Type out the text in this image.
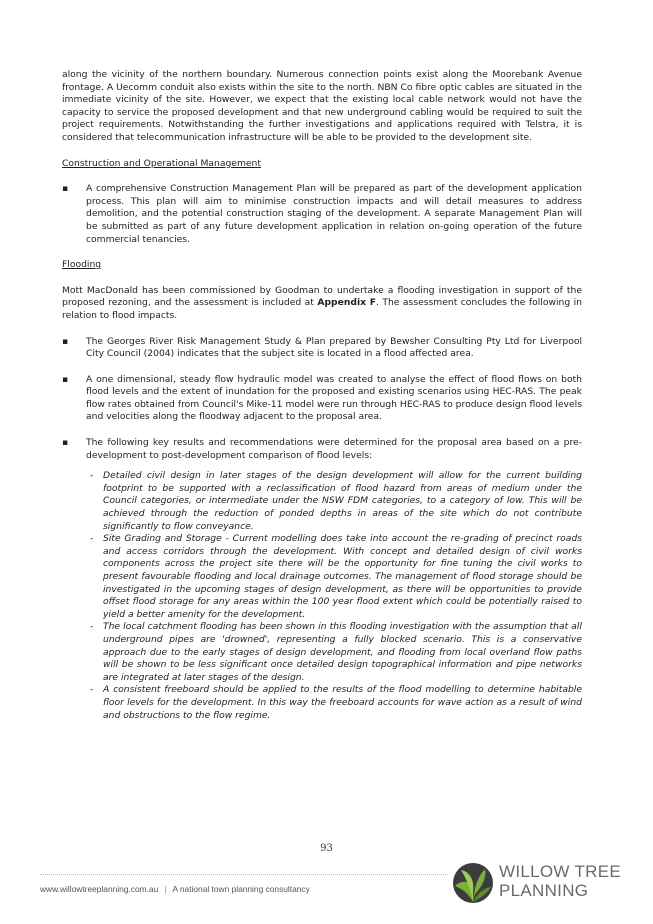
along the vicinity of the northern boundary. Numerous connection points exist along the Moorebank Avenue frontage. A Uecomm conduit also exists within the site to the north. NBN Co fibre optic cables are situated in the immediate vicinity of the site. However, we expect that the existing local cable network would not have the capacity to service the proposed development and that new underground cabling would be required to suit the project requirements. Notwithstanding the further investigations and applications required with Telstra, it is considered that telecommunication infrastructure will be able to be provided to the development site.

Construction and Operational Management

▪ A comprehensive Construction Management Plan will be prepared as part of the development application process. This plan will aim to minimise construction impacts and will detail measures to address demolition, and the potential construction staging of the development. A separate Management Plan will be submitted as part of any future development application in relation on-going operation of the future commercial tenancies.

Flooding

Mott MacDonald has been commissioned by Goodman to undertake a flooding investigation in support of the proposed rezoning, and the assessment is included at Appendix F. The assessment concludes the following in relation to flood impacts.

▪ The Georges River Risk Management Study & Plan prepared by Bewsher Consulting Pty Ltd for Liverpool City Council (2004) indicates that the subject site is located in a flood affected area.

▪ A one dimensional, steady flow hydraulic model was created to analyse the effect of flood flows on both flood levels and the extent of inundation for the proposed and existing scenarios using HEC-RAS. The peak flow rates obtained from Council's Mike-11 model were run through HEC-RAS to produce design flood levels and velocities along the floodway adjacent to the proposal area.

▪ The following key results and recommendations were determined for the proposal area based on a pre-development to post-development comparison of flood levels:

- Detailed civil design in later stages of the design development will allow for the current building footprint to be supported with a reclassification of flood hazard from areas of medium under the Council categories, or intermediate under the NSW FDM categories, to a category of low. This will be achieved through the reduction of ponded depths in areas of the site which do not contribute significantly to flow conveyance.

- Site Grading and Storage - Current modelling does take into account the re-grading of precinct roads and access corridors through the development. With concept and detailed design of civil works components across the project site there will be the opportunity for fine tuning the civil works to present favourable flooding and local drainage outcomes. The management of flood storage should be investigated in the upcoming stages of design development, as there will be opportunities to provide offset flood storage for any areas within the 100 year flood extent which could be potentially raised to yield a better amenity for the development.

- The local catchment flooding has been shown in this flooding investigation with the assumption that all underground pipes are 'drowned', representing a fully blocked scenario. This is a conservative approach due to the early stages of design development, and flooding from local overland flow paths will be shown to be less significant once detailed design topographical information and pipe networks are integrated at later stages of the design.

- A consistent freeboard should be applied to the results of the flood modelling to determine habitable floor levels for the development. In this way the freeboard accounts for wave action as a result of wind and obstructions to the flow regime.

93
www.willowtreeplanning.com.au | A national town planning consultancy
WILLOW TREE
PLANNING
